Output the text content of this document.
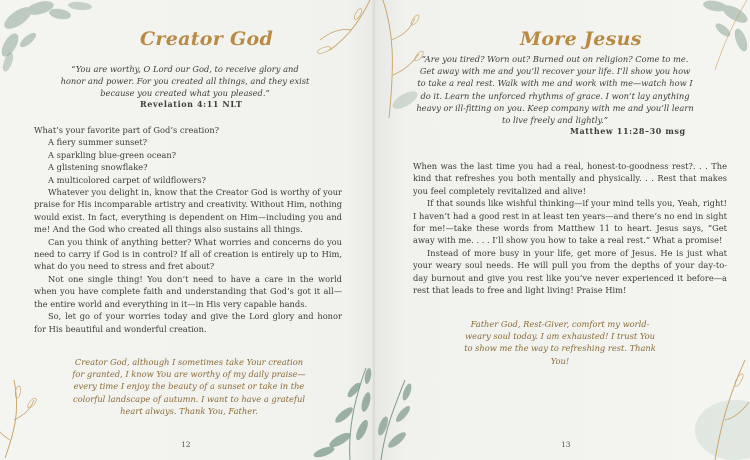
Creator God
“You are worthy, O Lord our God, to receive glory and honor and power. For you created all things, and they exist because you created what you pleased.”
Revelation 4:11 NLT

What’s your favorite part of God’s creation?

A fiery summer sunset?

A sparkling blue-green ocean?

A glistening snowflake?

A multicolored carpet of wildflowers?

Whatever you delight in, know that the Creator God is worthy of your praise for His incomparable artistry and creativity. Without Him, nothing would exist. In fact, everything is dependent on Him—including you and me! And the God who created all things also sustains all things.

Can you think of anything better? What worries and concerns do you need to carry if God is in control? If all of creation is entirely up to Him, what do you need to stress and fret about?

Not one single thing! You don’t need to have a care in the world when you have complete faith and understanding that God’s got it all—the entire world and everything in it—in His very capable hands.

So, let go of your worries today and give the Lord glory and honor for His beautiful and wonderful creation.

Creator God, although I sometimes take Your creation for granted, I know You are worthy of my daily praise—every time I enjoy the beauty of a sunset or take in the colorful landscape of autumn. I want to have a grateful heart always. Thank You, Father.
12
More Jesus
“Are you tired? Worn out? Burned out on religion? Come to me. Get away with me and you’ll recover your life. I’ll show you how to take a real rest. Walk with me and work with me—watch how I do it. Learn the unforced rhythms of grace. I won’t lay anything heavy or ill-fitting on you. Keep company with me and you’ll learn to live freely and lightly.”
Matthew 11:28–30 msg

When was the last time you had a real, honest-to-goodness rest?. . . The kind that refreshes you both mentally and physically. . . Rest that makes you feel completely revitalized and alive!

If that sounds like wishful thinking—if your mind tells you, Yeah, right! I haven’t had a good rest in at least ten years—and there’s no end in sight for me!—take these words from Matthew 11 to heart. Jesus says, “Get away with me. . . . I’ll show you how to take a real rest.” What a promise!

Instead of more busy in your life, get more of Jesus. He is just what your weary soul needs. He will pull you from the depths of your day-to-day burnout and give you rest like you’ve never experienced it before—a rest that leads to free and light living! Praise Him!

Father God, Rest-Giver, comfort my world-weary soul today. I am exhausted! I trust You to show me the way to refreshing rest. Thank You!
13
